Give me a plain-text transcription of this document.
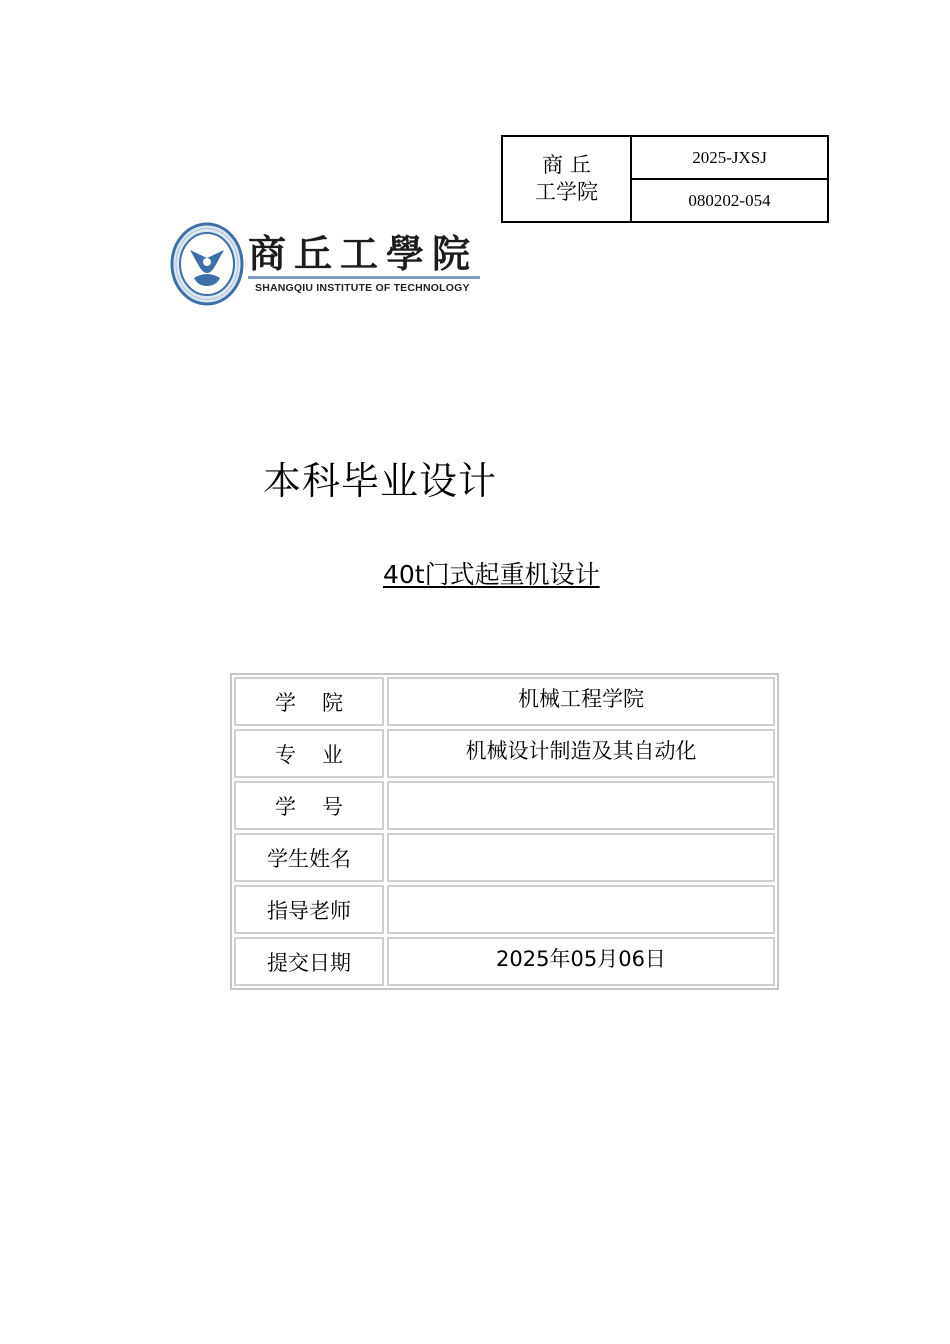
商 丘
工学院
2025-JXSJ
080202-054
商丘工學院
SHANGQIU INSTITUTE OF TECHNOLOGY
本科毕业设计
40t门式起重机设计
学院	机械工程学院
专业	机械设计制造及其自动化
学号
学生姓名
指导老师
提交日期	2025年05月06日
